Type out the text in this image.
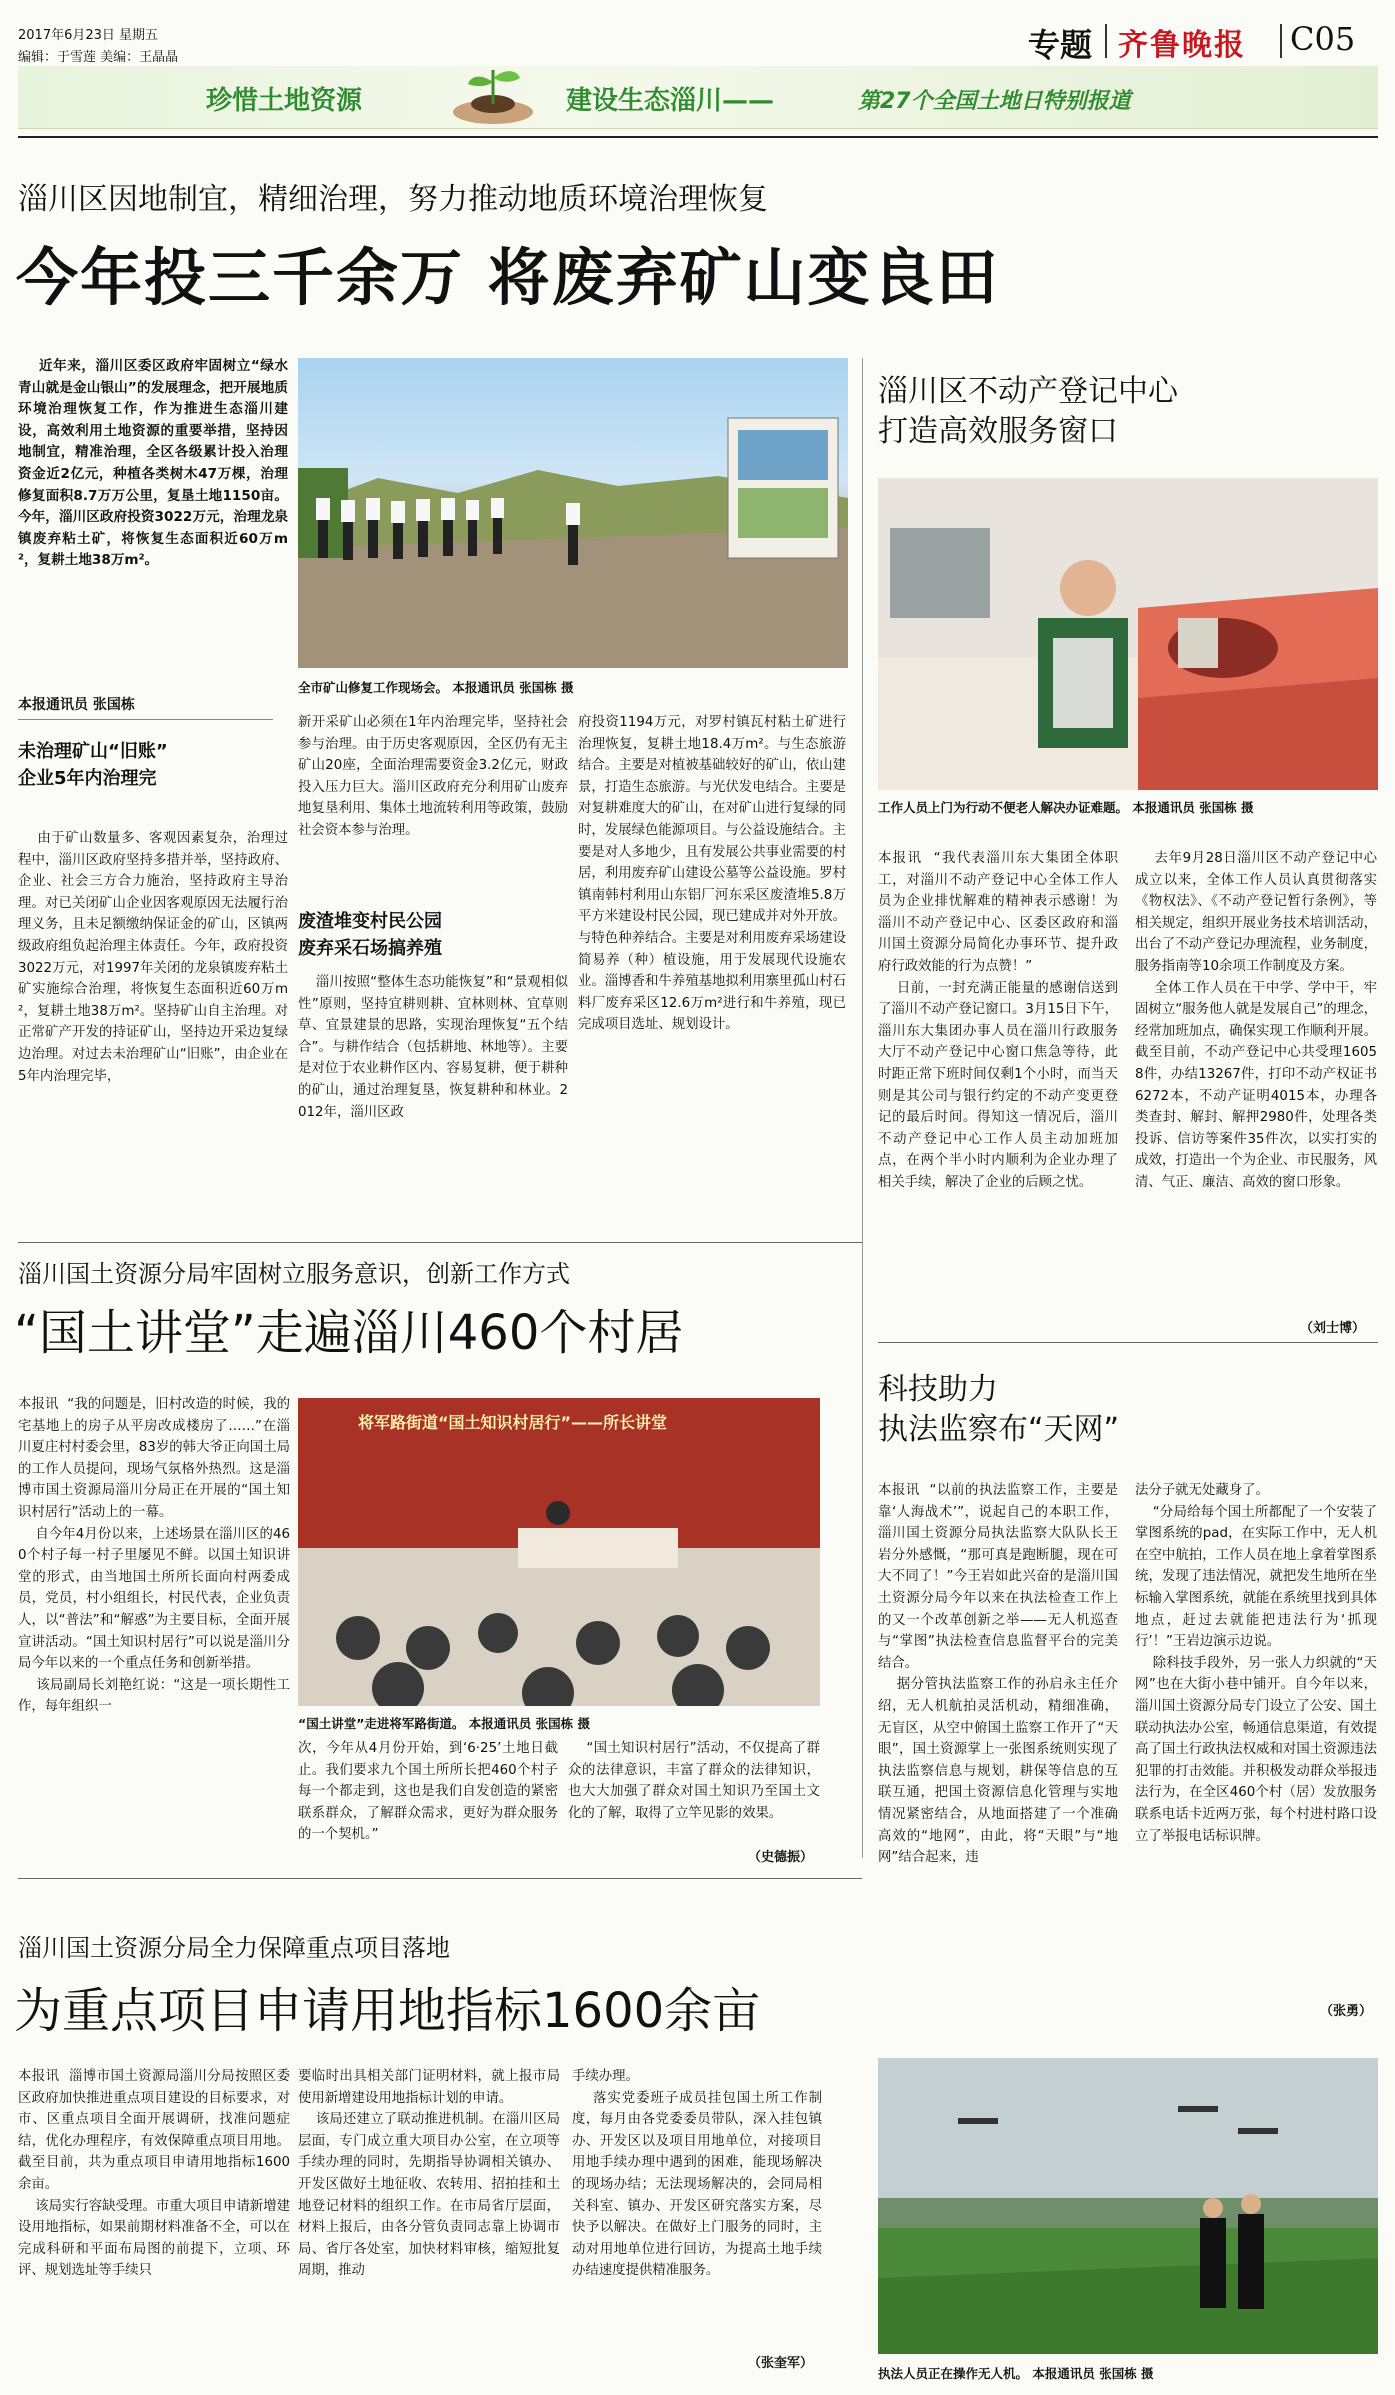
2017年6月23日 星期五
编辑：于雪莲 美编：王晶晶	专题 齐鲁晚报 C05
珍惜土地资源	建设生态淄川——	第27个全国土地日特别报道
淄川区因地制宜，精细治理，努力推动地质环境治理恢复
今年投三千余万 将废弃矿山变良田
近年来，淄川区委区政府牢固树立“绿水青山就是金山银山”的发展理念，把开展地质环境治理恢复工作，作为推进生态淄川建设，高效利用土地资源的重要举措，坚持因地制宜，精准治理，全区各级累计投入治理资金近2亿元，种植各类树木47万棵，治理修复面积8.7万万公里，复垦土地1150亩。今年，淄川区政府投资3022万元，治理龙泉镇废弃粘土矿，将恢复生态面积近60万m²，复耕土地38万m²。
本报通讯员 张国栋
全市矿山修复工作现场会。 本报通讯员 张国栋 摄
未治理矿山“旧账”
企业5年内治理完
由于矿山数量多、客观因素复杂，治理过程中，淄川区政府坚持多措并举，坚持政府、企业、社会三方合力施治，坚持政府主导治理。对已关闭矿山企业因客观原因无法履行治理义务，且未足额缴纳保证金的矿山，区镇两级政府组负起治理主体责任。今年，政府投资3022万元，对1997年关闭的龙泉镇废弃粘土矿实施综合治理，将恢复生态面积近60万m²，复耕土地38万m²。坚持矿山自主治理。对正常矿产开发的持证矿山，坚持边开采边复绿边治理。对过去未治理矿山“旧账”，由企业在5年内治理完毕，
新开采矿山必须在1年内治理完毕，坚持社会参与治理。由于历史客观原因，全区仍有无主矿山20座，全面治理需要资金3.2亿元，财政投入压力巨大。淄川区政府充分利用矿山废弃地复垦利用、集体土地流转利用等政策，鼓励社会资本参与治理。
废渣堆变村民公园
废弃采石场搞养殖
淄川按照“整体生态功能恢复”和“景观相似性”原则，坚持宜耕则耕、宜林则林、宜草则草、宜景建景的思路，实现治理恢复“五个结合”。与耕作结合（包括耕地、林地等）。主要是对位于农业耕作区内、容易复耕，便于耕种的矿山，通过治理复垦，恢复耕种和林业。2012年，淄川区政
府投资1194万元，对罗村镇瓦村粘土矿进行治理恢复，复耕土地18.4万m²。与生态旅游结合。主要是对植被基础较好的矿山，依山建景，打造生态旅游。与光伏发电结合。主要是对复耕难度大的矿山，在对矿山进行复绿的同时，发展绿色能源项目。与公益设施结合。主要是对人多地少，且有发展公共事业需要的村居，利用废弃矿山建设公墓等公益设施。罗村镇南韩村利用山东铝厂河东采区废渣堆5.8万平方米建设村民公园，现已建成并对外开放。与特色种养结合。主要是对利用废弃采场建设简易养（种）植设施，用于发展现代设施农业。淄博香和牛养殖基地拟利用寨里孤山村石料厂废弃采区12.6万m²进行和牛养殖，现已完成项目选址、规划设计。
淄川区不动产登记中心
打造高效服务窗口
工作人员上门为行动不便老人解决办证难题。 本报通讯员 张国栋 摄
本报讯  “我代表淄川东大集团全体职工，对淄川不动产登记中心全体工作人员为企业排忧解难的精神表示感谢！为淄川不动产登记中心、区委区政府和淄川国土资源分局简化办事环节、提升政府行政效能的行为点赞！”
日前，一封充满正能量的感谢信送到了淄川不动产登记窗口。3月15日下午，淄川东大集团办事人员在淄川行政服务大厅不动产登记中心窗口焦急等待，此时距正常下班时间仅剩1个小时，而当天则是其公司与银行约定的不动产变更登记的最后时间。得知这一情况后，淄川不动产登记中心工作人员主动加班加点，在两个半小时内顺利为企业办理了相关手续，解决了企业的后顾之忧。
去年9月28日淄川区不动产登记中心成立以来，全体工作人员认真贯彻落实《物权法》、《不动产登记暂行条例》，等相关规定，组织开展业务技术培训活动，出台了不动产登记办理流程，业务制度，服务指南等10余项工作制度及方案。
全体工作人员在干中学、学中干，牢固树立“服务他人就是发展自己”的理念，经常加班加点，确保实现工作顺利开展。截至目前，不动产登记中心共受理16058件，办结13267件，打印不动产权证书6272本，不动产证明4015本，办理各类查封、解封、解押2980件，处理各类投诉、信访等案件35件次，以实打实的成效，打造出一个为企业、市民服务，风清、气正、廉洁、高效的窗口形象。
（刘士博）
淄川国土资源分局牢固树立服务意识，创新工作方式
“国土讲堂”走遍淄川460个村居
本报讯  “我的问题是，旧村改造的时候，我的宅基地上的房子从平房改成楼房了……”在淄川夏庄村村委会里，83岁的韩大爷正向国土局的工作人员提问，现场气氛格外热烈。这是淄博市国土资源局淄川分局正在开展的“国土知识村居行”活动上的一幕。
自今年4月份以来，上述场景在淄川区的460个村子每一村子里屡见不鲜。以国土知识讲堂的形式，由当地国土所所长面向村两委成员，党员，村小组组长，村民代表，企业负责人，以“普法”和“解惑”为主要目标，全面开展宣讲活动。“国土知识村居行”可以说是淄川分局今年以来的一个重点任务和创新举措。
该局副局长刘艳红说：“这是一项长期性工作，每年组织一
将军路街道“国土知识村居行”——所长讲堂
“国土讲堂”走进将军路街道。 本报通讯员 张国栋 摄
次，今年从4月份开始，到‘6·25’土地日截止。我们要求九个国土所所长把460个村子每一个都走到，这也是我们自发创造的紧密联系群众，了解群众需求，更好为群众服务的一个契机。”
“国土知识村居行”活动，不仅提高了群众的法律意识，丰富了群众的法律知识，也大大加强了群众对国土知识乃至国土文化的了解，取得了立竿见影的效果。
（史德振）
科技助力
执法监察布“天网”
本报讯  “以前的执法监察工作，主要是靠‘人海战术’”，说起自己的本职工作，淄川国土资源分局执法监察大队队长王岩分外感慨，“那可真是跑断腿，现在可大不同了！”今王岩如此兴奋的是淄川国土资源分局今年以来在执法检查工作上的又一个改革创新之举——无人机巡查与“掌图”执法检查信息监督平台的完美结合。
据分管执法监察工作的孙启永主任介绍，无人机航拍灵活机动，精细准确，无盲区，从空中俯国土监察工作开了“天眼”，国土资源掌上一张图系统则实现了执法监察信息与规划，耕保等信息的互联互通，把国土资源信息化管理与实地情况紧密结合，从地面搭建了一个准确高效的“地网”，由此，将“天眼”与“地网”结合起来，违
法分子就无处藏身了。
“分局给每个国土所都配了一个安装了掌图系统的pad，在实际工作中，无人机在空中航拍，工作人员在地上拿着掌图系统，发现了违法情况，就把发生地所在坐标输入掌图系统，就能在系统里找到具体地点，赶过去就能把违法行为‘抓现行’！”王岩边演示边说。
除科技手段外，另一张人力织就的“天网”也在大街小巷中铺开。自今年以来，淄川国土资源分局专门设立了公安、国土联动执法办公室，畅通信息渠道，有效提高了国土行政执法权威和对国土资源违法犯罪的打击效能。并积极发动群众举报违法行为，在全区460个村（居）发放服务联系电话卡近两万张，每个村进村路口设立了举报电话标识牌。
（张勇）
执法人员正在操作无人机。 本报通讯员 张国栋 摄
淄川国土资源分局全力保障重点项目落地
为重点项目申请用地指标1600余亩
本报讯  淄博市国土资源局淄川分局按照区委区政府加快推进重点项目建设的目标要求，对市、区重点项目全面开展调研，找准问题症结，优化办理程序，有效保障重点项目用地。截至目前，共为重点项目申请用地指标1600余亩。
该局实行容缺受理。市重大项目申请新增建设用地指标，如果前期材料准备不全，可以在完成科研和平面布局图的前提下，立项、环评、规划选址等手续只
要临时出具相关部门证明材料，就上报市局使用新增建设用地指标计划的申请。
该局还建立了联动推进机制。在淄川区局层面，专门成立重大项目办公室，在立项等手续办理的同时，先期指导协调相关镇办、开发区做好土地征收、农转用、招拍挂和土地登记材料的组织工作。在市局省厅层面，材料上报后，由各分管负责同志靠上协调市局、省厅各处室，加快材料审核，缩短批复周期，推动
手续办理。
落实党委班子成员挂包国土所工作制度，每月由各党委委员带队，深入挂包镇办、开发区以及项目用地单位，对接项目用地手续办理中遇到的困难，能现场解决的现场办结；无法现场解决的，会同局相关科室、镇办、开发区研究落实方案，尽快予以解决。在做好上门服务的同时，主动对用地单位进行回访，为提高土地手续办结速度提供精准服务。
（张奎军）
